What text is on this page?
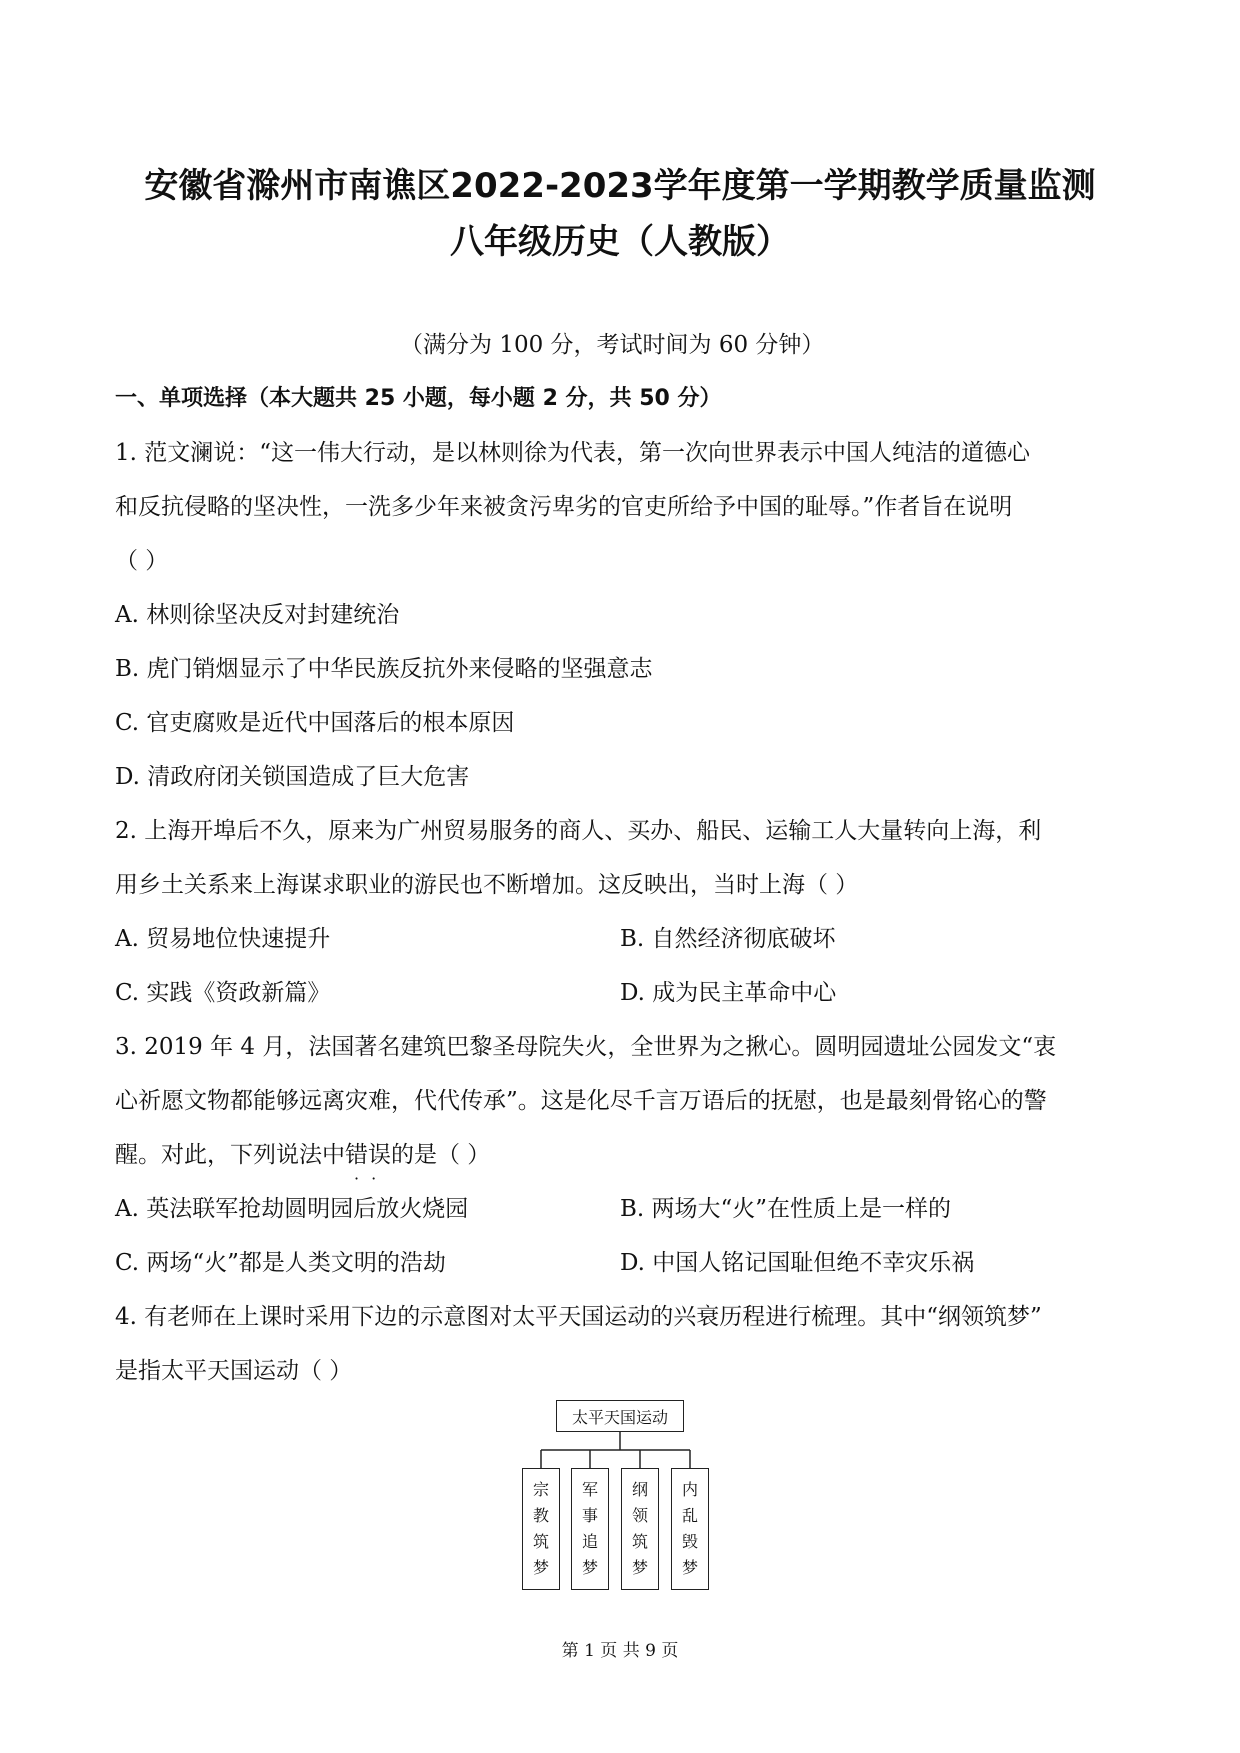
安徽省滁州市南谯区2022-2023学年度第一学期教学质量监测
八年级历史（人教版）
（满分为 100 分，考试时间为 60 分钟）
一、单项选择（本大题共 25 小题，每小题 2 分，共 50 分）
1. 范文澜说：“这一伟大行动，是以林则徐为代表，第一次向世界表示中国人纯洁的道德心
和反抗侵略的坚决性，一洗多少年来被贪污卑劣的官吏所给予中国的耻辱。”作者旨在说明
（ ）
A. 林则徐坚决反对封建统治
B. 虎门销烟显示了中华民族反抗外来侵略的坚强意志
C. 官吏腐败是近代中国落后的根本原因
D. 清政府闭关锁国造成了巨大危害
2. 上海开埠后不久，原来为广州贸易服务的商人、买办、船民、运输工人大量转向上海，利
用乡土关系来上海谋求职业的游民也不断增加。这反映出，当时上海（ ）
A. 贸易地位快速提升	B. 自然经济彻底破坏
C. 实践《资政新篇》	D. 成为民主革命中心
3. 2019 年 4 月，法国著名建筑巴黎圣母院失火，全世界为之揪心。圆明园遗址公园发文“衷
心祈愿文物都能够远离灾难，代代传承”。这是化尽千言万语后的抚慰，也是最刻骨铭心的警
醒。对此，下列说法中错误
··
的是（ ）
A. 英法联军抢劫圆明园后放火烧园	B. 两场大“火”在性质上是一样的
C. 两场“火”都是人类文明的浩劫	D. 中国人铭记国耻但绝不幸灾乐祸
4. 有老师在上课时采用下边的示意图对太平天国运动的兴衰历程进行梳理。其中“纲领筑梦”
是指太平天国运动（ ）
太平天国运动
宗
教
筑
梦
军
事
追
梦
纲
领
筑
梦
内
乱
毁
梦
第 1 页 共 9 页
